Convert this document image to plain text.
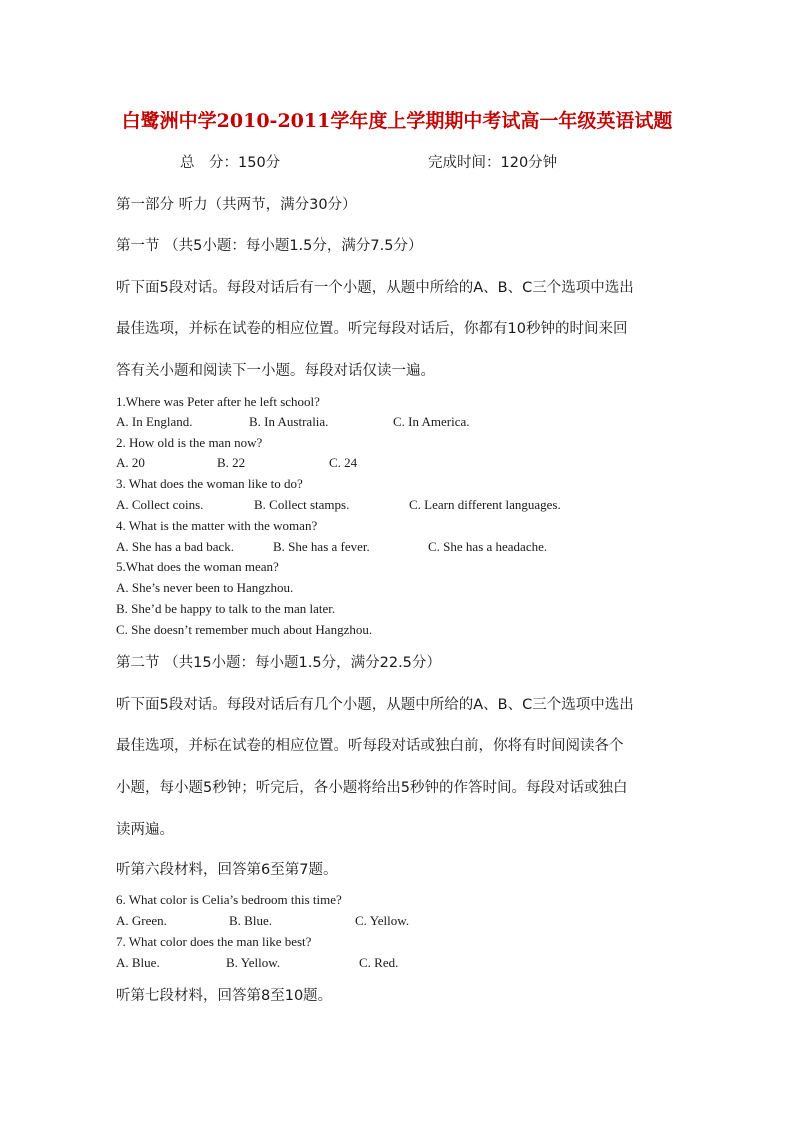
白鹭洲中学2010-2011学年度上学期期中考试高一年级英语试题
总　分：150分	完成时间：120分钟
第一部分 听力（共两节，满分30分）
第一节 （共5小题：每小题1.5分，满分7.5分）
听下面5段对话。每段对话后有一个小题，从题中所给的A、B、C三个选项中选出
最佳选项，并标在试卷的相应位置。听完每段对话后，你都有10秒钟的时间来回
答有关小题和阅读下一小题。每段对话仅读一遍。
1.Where was Peter after he left school?
A. In England.	B. In Australia.	C. In America.
2. How old is the man now?
A. 20	B. 22	C. 24
3. What does the woman like to do?
A. Collect coins.	B. Collect stamps.	C. Learn different languages.
4. What is the matter with the woman?
A. She has a bad back.	B. She has a fever.	C. She has a headache.
5.What does the woman mean?
A. She’s never been to Hangzhou.
B. She’d be happy to talk to the man later.
C. She doesn’t remember much about Hangzhou.
第二节 （共15小题：每小题1.5分，满分22.5分）
听下面5段对话。每段对话后有几个小题，从题中所给的A、B、C三个选项中选出
最佳选项，并标在试卷的相应位置。听每段对话或独白前，你将有时间阅读各个
小题，每小题5秒钟；听完后，各小题将给出5秒钟的作答时间。每段对话或独白
读两遍。
听第六段材料，回答第6至第7题。
6. What color is Celia’s bedroom this time?
A. Green.	B. Blue.	C. Yellow.
7. What color does the man like best?
A. Blue.	B. Yellow.	C. Red.
听第七段材料，回答第8至10题。
